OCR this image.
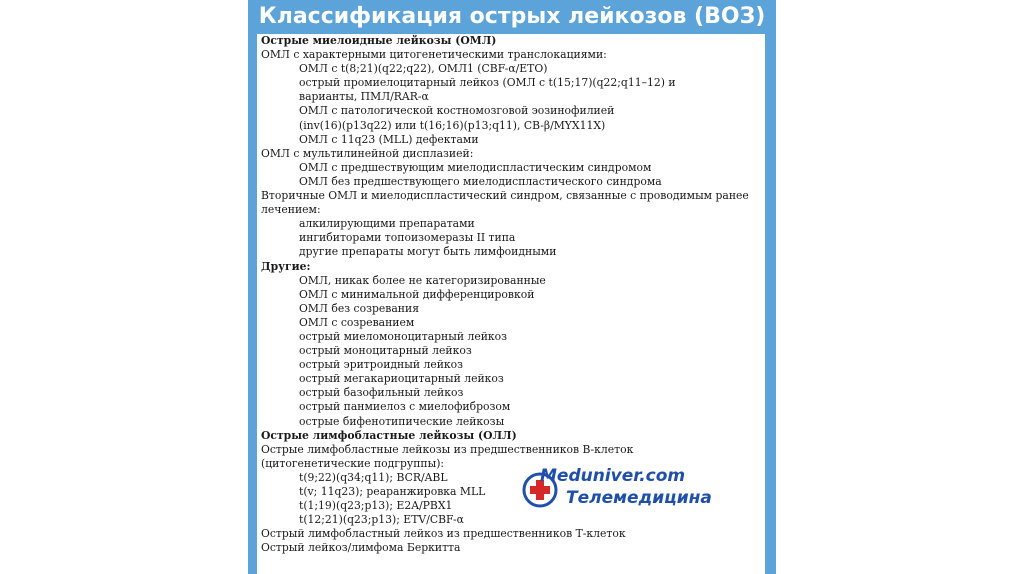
Классификация острых лейкозов (ВОЗ)
Острые миелоидные лейкозы (ОМЛ)
ОМЛ с характерными цитогенетическими транслокациями:
ОМЛ с t(8;21)(q22;q22), ОМЛ1 (CBF-α/ETO)
острый промиелоцитарный лейкоз (ОМЛ с t(15;17)(q22;q11–12) и
варианты, ПМЛ/RAR-α
ОМЛ с патологической костномозговой эозинофилией
(inv(16)(p13q22) или t(16;16)(p13;q11), CB-β/MYX11X)
ОМЛ с 11q23 (MLL) дефектами
ОМЛ с мультилинейной дисплазией:
ОМЛ с предшествующим миелодиспластическим синдромом
ОМЛ без предшествующего миелодиспластического синдрома
Вторичные ОМЛ и миелодиспластический синдром, связанные с проводимым ранее лечением:
алкилирующими препаратами
ингибиторами топоизомеразы II типа
другие препараты могут быть лимфоидными
Другие:
ОМЛ, никак более не категоризированные
ОМЛ с минимальной дифференцировкой
ОМЛ без созревания
ОМЛ с созреванием
острый миеломоноцитарный лейкоз
острый моноцитарный лейкоз
острый эритроидный лейкоз
острый мегакариоцитарный лейкоз
острый базофильный лейкоз
острый панмиелоз с миелофиброзом
острые бифенотипические лейкозы
Острые лимфобластные лейкозы (ОЛЛ)
Острые лимфобластные лейкозы из предшественников В-клеток
(цитогенетические подгруппы):
t(9;22)(q34;q11); BCR/ABL
t(v; 11q23); реаранжировка MLL
t(1;19)(q23;p13); E2A/PBX1
t(12;21)(q23;p13); ETV/CBF-α
Острый лимфобластный лейкоз из предшественников Т-клеток
Острый лейкоз/лимфома Беркитта
Meduniver.com
Телемедицина
